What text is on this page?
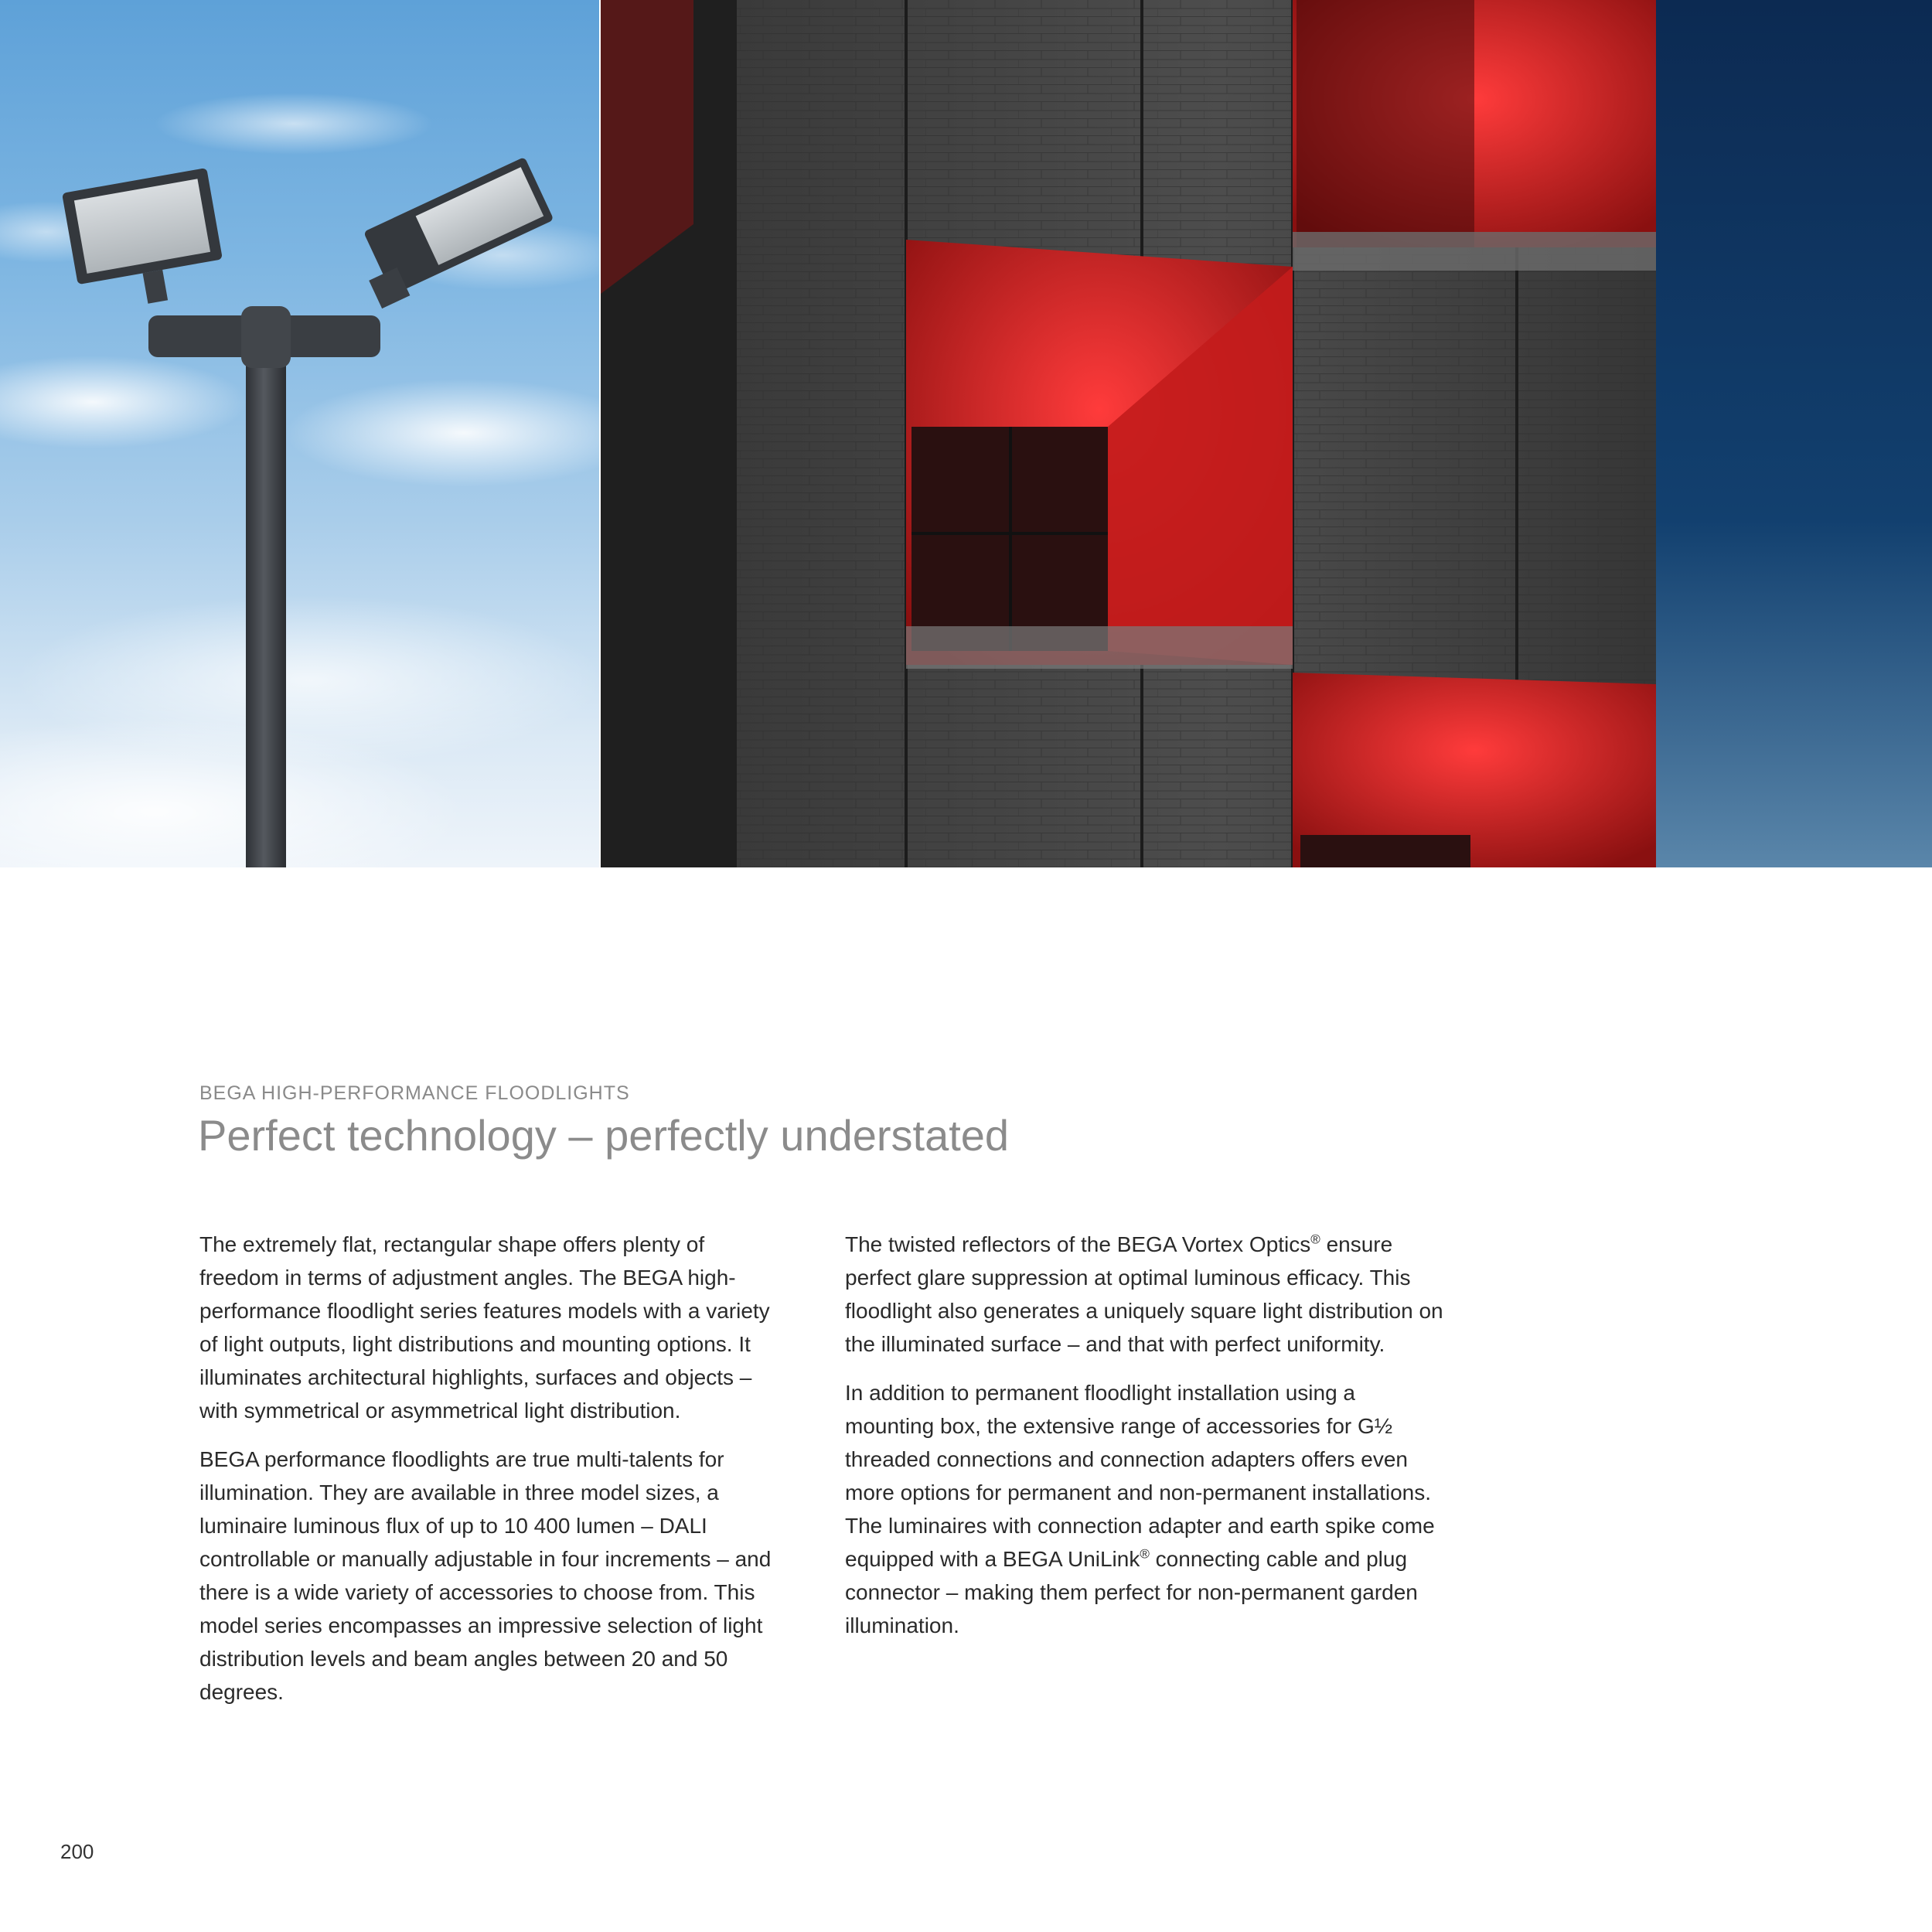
BEGA HIGH-PERFORMANCE FLOODLIGHTS
Perfect technology – perfectly understated

The extremely flat, rectangular shape offers plenty of freedom in terms of adjustment angles. The BEGA high-performance floodlight series features models with a variety of light outputs, light distributions and mounting options. It illuminates architectural highlights, surfaces and objects – with symmetrical or asymmetrical light distribution.

BEGA performance floodlights are true multi-talents for illumination. They are available in three model sizes, a luminaire luminous flux of up to 10 400 lumen – DALI controllable or manually adjustable in four increments – and there is a wide variety of accessories to choose from. This model series encompasses an impressive selection of light distribution levels and beam angles between 20 and 50 degrees.

The twisted reflectors of the BEGA Vortex Optics® ensure perfect glare suppression at optimal luminous efficacy. This floodlight also generates a uniquely square light distribution on the illuminated surface – and that with perfect uniformity.

In addition to permanent floodlight installation using a mounting box, the extensive range of accessories for G½ threaded connections and connection adapters offers even more options for permanent and non-permanent installations. The luminaires with connection adapter and earth spike come equipped with a BEGA UniLink® connecting cable and plug connector – making them perfect for non-permanent garden illumination.

200
